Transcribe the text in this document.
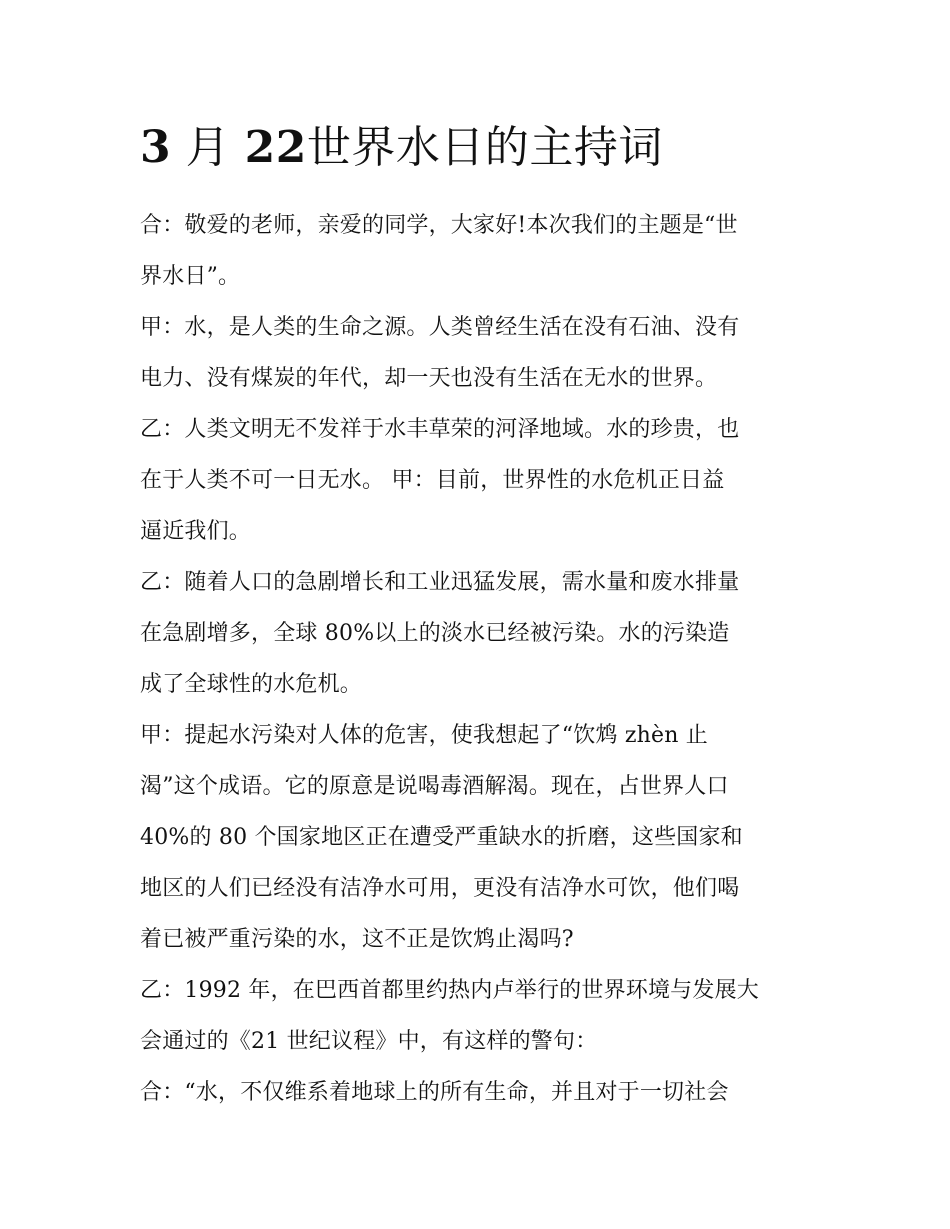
3 月 22世界水日的主持词

合：敬爱的老师，亲爱的同学，大家好!本次我们的主题是“世
界水日”。

甲：水，是人类的生命之源。人类曾经生活在没有石油、没有
电力、没有煤炭的年代，却一天也没有生活在无水的世界。

乙：人类文明无不发祥于水丰草荣的河泽地域。水的珍贵，也
在于人类不可一日无水。 甲：目前，世界性的水危机正日益
逼近我们。

乙：随着人口的急剧增长和工业迅猛发展，需水量和废水排量
在急剧增多，全球 80%以上的淡水已经被污染。水的污染造
成了全球性的水危机。

甲：提起水污染对人体的危害，使我想起了“饮鸩 zhèn 止
渴”这个成语。它的原意是说喝毒酒解渴。现在，占世界人口
40%的 80 个国家地区正在遭受严重缺水的折磨，这些国家和
地区的人们已经没有洁净水可用，更没有洁净水可饮，他们喝
着已被严重污染的水，这不正是饮鸩止渴吗?

乙：1992 年，在巴西首都里约热内卢举行的世界环境与发展大
会通过的《21 世纪议程》中，有这样的警句：

合：“水，不仅维系着地球上的所有生命，并且对于一切社会
